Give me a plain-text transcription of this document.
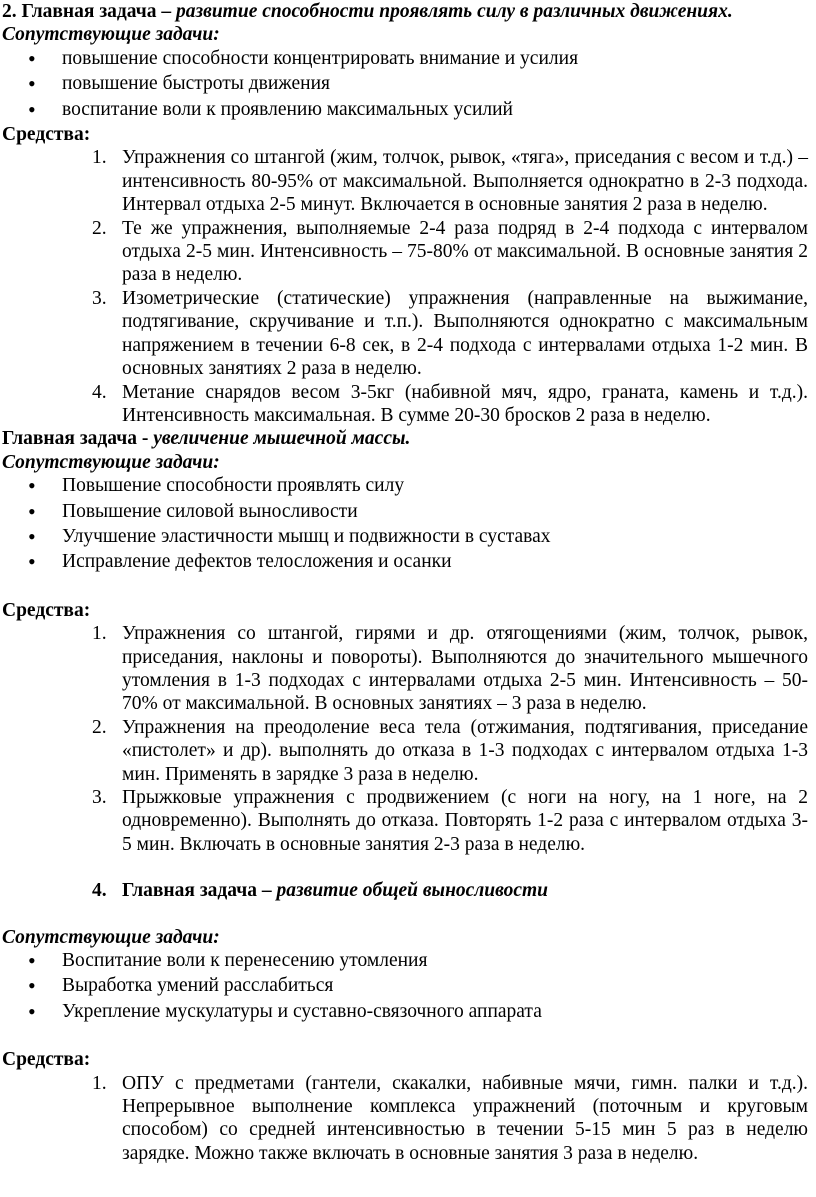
2. Главная задача – развитие способности проявлять силу в различных движениях.

Сопутствующие задачи:

• повышение способности концентрировать внимание и усилия
• повышение быстроты движения
• воспитание воли к проявлению максимальных усилий

Средства:

1. Упражнения со штангой (жим, толчок, рывок, «тяга», приседания с весом и т.д.) – интенсивность 80-95% от максимальной. Выполняется однократно в 2-3 подхода. Интервал отдыха 2-5 минут. Включается в основные занятия 2 раза в неделю.
2. Те же упражнения, выполняемые 2-4 раза подряд в 2-4 подхода с интервалом отдыха 2-5 мин. Интенсивность – 75-80% от максимальной. В основные занятия 2 раза в неделю.
3. Изометрические (статические) упражнения (направленные на выжимание, подтягивание, скручивание и т.п.). Выполняются однократно с максимальным напряжением в течении 6-8 сек, в 2-4 подхода с интервалами отдыха 1-2 мин. В основных занятиях 2 раза в неделю.
4. Метание снарядов весом 3-5кг (набивной мяч, ядро, граната, камень и т.д.). Интенсивность максимальная. В сумме 20-30 бросков 2 раза в неделю.

Главная задача - увеличение мышечной массы.

Сопутствующие задачи:

• Повышение способности проявлять силу
• Повышение силовой выносливости
• Улучшение эластичности мышц и подвижности в суставах
• Исправление дефектов телосложения и осанки

Средства:

1. Упражнения со штангой, гирями и др. отягощениями (жим, толчок, рывок, приседания, наклоны и повороты). Выполняются до значительного мышечного утомления в 1-3 подходах с интервалами отдыха 2-5 мин. Интенсивность – 50-70% от максимальной. В основных занятиях – 3 раза в неделю.
2. Упражнения на преодоление веса тела (отжимания, подтягивания, приседание «пистолет» и др). выполнять до отказа в 1-3 подходах с интервалом отдыха 1-3 мин. Применять в зарядке 3 раза в неделю.
3. Прыжковые упражнения с продвижением (с ноги на ногу, на 1 ноге, на 2 одновременно). Выполнять до отказа. Повторять 1-2 раза с интервалом отдыха 3-5 мин. Включать в основные занятия 2-3 раза в неделю.

4. Главная задача – развитие общей выносливости

Сопутствующие задачи:

• Воспитание воли к перенесению утомления
• Выработка умений расслабиться
• Укрепление мускулатуры и суставно-связочного аппарата

Средства:

1. ОПУ с предметами (гантели, скакалки, набивные мячи, гимн. палки и т.д.). Непрерывное выполнение комплекса упражнений (поточным и круговым способом) со средней интенсивностью в течении 5-15 мин 5 раз в неделю зарядке. Можно также включать в основные занятия 3 раза в неделю.
